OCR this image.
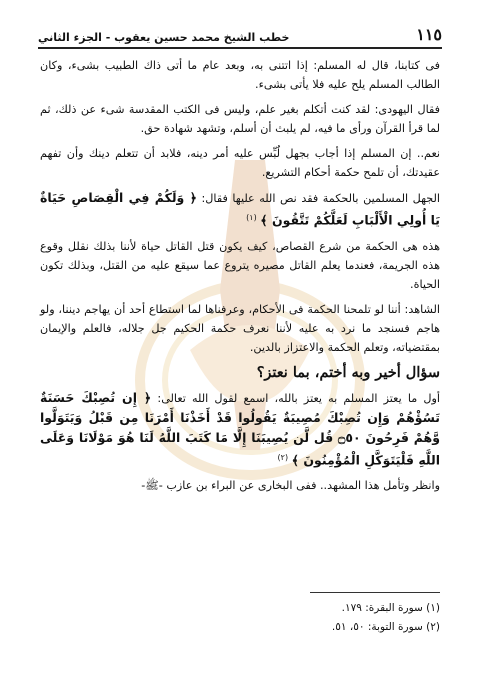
١١٥
خطب الشيخ محمد حسين يعقوب - الجزء الثاني

فى كتابنا، قال له المسلم: إذا اتتنى به، وبعد عام ما أتى ذاك الطبيب بشىء، وكان الطالب المسلم يلح عليه فلا يأتى بشىء.

فقال اليهودى: لقد كنت أتكلم بغير علم، وليس فى الكتب المقدسة شىء عن ذلك، ثم لما قرأ القرآن ورأى ما فيه، لم يلبث أن أسلم، وتشهد شهادة حق.

نعم.. إن المسلم إذا أجاب بجهل لُبِّس عليه أمر دينه، فلابد أن تتعلم دينك وأن تفهم عقيدتك، أن تلمح حكمة أحكام التشريع.

الجهل المسلمين بالحكمة فقد نص الله عليها فقال: ﴿ وَلَكُمْ فِي الْقِصَاصِ حَيَاةٌ يَا أُولِي الْأَلْبَابِ لَعَلَّكُمْ تَتَّقُونَ ﴾ $^{(١)}$

هذه هى الحكمة من شرع القصاص، كيف يكون قتل القاتل حياة لأننا بذلك نقلل وقوع هذه الجريمة، فعندما يعلم القاتل مصيره يتروع عما سيقع عليه من القتل، وبذلك تكون الحياة.

الشاهد: أننا لو تلمحنا الحكمة فى الأحكام، وعرفناها لما استطاع أحد أن يهاجم ديننا، ولو هاجم فسنجد ما نرد به عليه لأننا نعرف حكمة الحكيم جل جلاله، فالعلم والإيمان بمقتضياته، وتعلم الحكمة والاعتزاز بالدين.

سؤال أخير وبه أختم، بما نعتز؟

أول ما يعتز المسلم به يعتز بالله، اسمع لقول الله تعالى: ﴿ إِن تُصِبْكَ حَسَنَةٌ تَسُؤْهُمْ وَإِن تُصِبْكَ مُصِيبَةٌ يَقُولُوا قَدْ أَخَذْنَا أَمْرَنَا مِن قَبْلُ وَيَتَوَلَّوا وَّهُمْ فَرِحُونَ ۝٥٠ قُل لَّن يُصِيبَنَا إِلَّا مَا كَتَبَ اللَّهُ لَنَا هُوَ مَوْلَانَا وَعَلَى اللَّهِ فَلْيَتَوَكَّلِ الْمُؤْمِنُونَ ﴾ $^{(٢)}$

وانظر وتأمل هذا المشهد.. ففى البخارى عن البراء بن عازب -ﷺ-

(١) سورة البقرة: ١٧٩.

(٢) سورة التوبة: ٥٠، ٥١.
